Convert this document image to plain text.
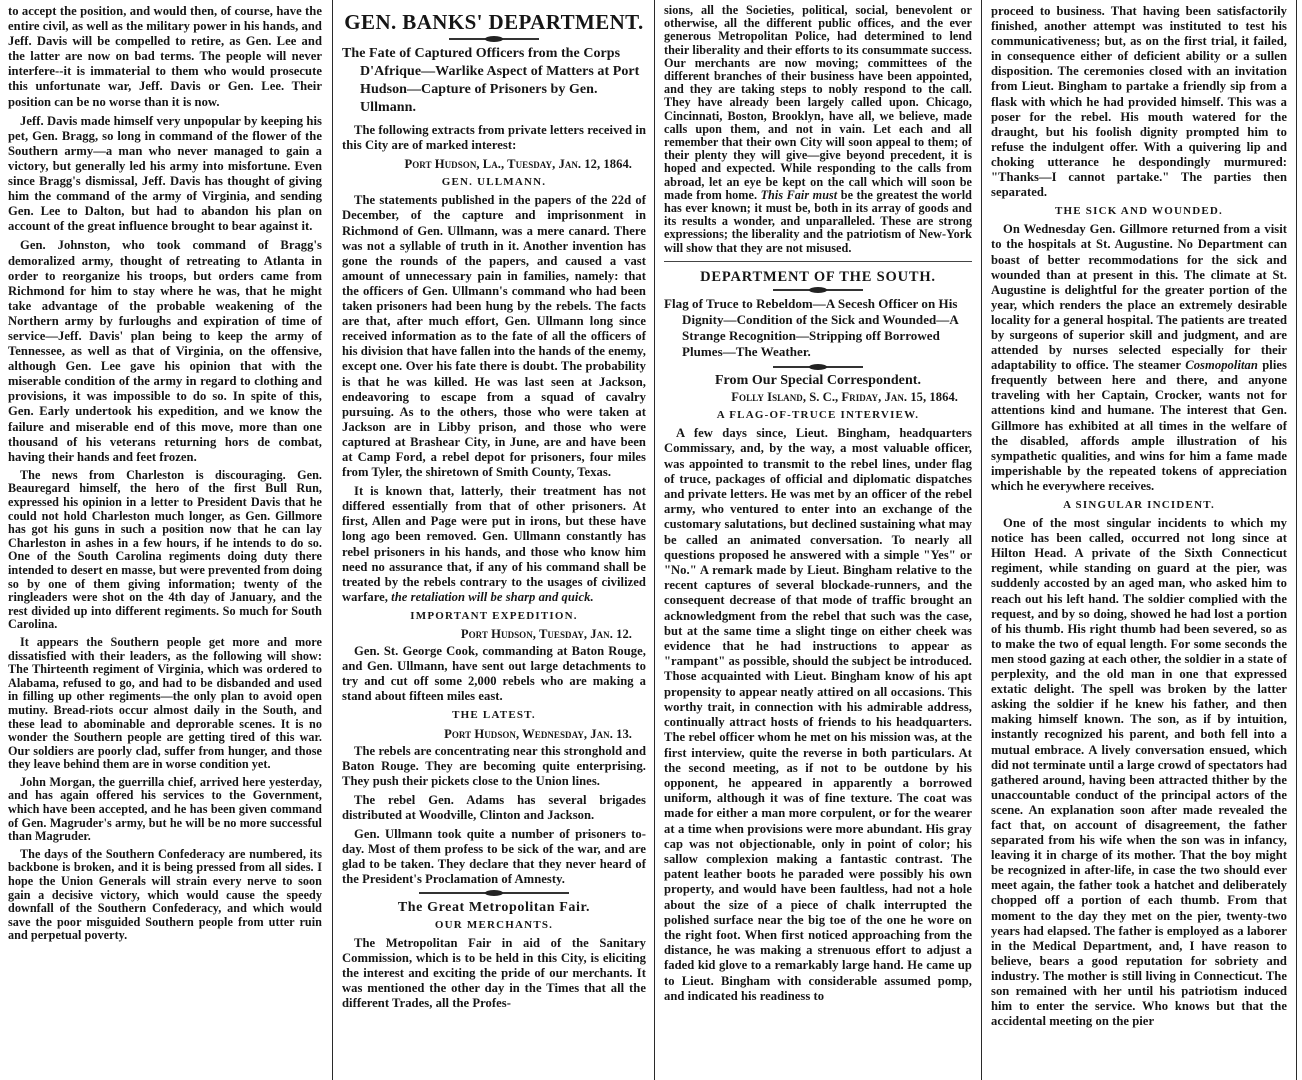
to accept the position, and would then, of course, have the entire civil, as well as the military power in his hands, and Jeff. Davis will be compelled to retire, as Gen. Lee and the latter are now on bad terms. The people will never interfere--it is immaterial to them who would prosecute this unfortunate war, Jeff. Davis or Gen. Lee. Their position can be no worse than it is now.

Jeff. Davis made himself very unpopular by keeping his pet, Gen. Bragg, so long in command of the flower of the Southern army—a man who never managed to gain a victory, but generally led his army into misfortune. Even since Bragg's dismissal, Jeff. Davis has thought of giving him the command of the army of Virginia, and sending Gen. Lee to Dalton, but had to abandon his plan on account of the great influence brought to bear against it.

Gen. Johnston, who took command of Bragg's demoralized army, thought of retreating to Atlanta in order to reorganize his troops, but orders came from Richmond for him to stay where he was, that he might take advantage of the probable weakening of the Northern army by furloughs and expiration of time of service—Jeff. Davis' plan being to keep the army of Tennessee, as well as that of Virginia, on the offensive, although Gen. Lee gave his opinion that with the miserable condition of the army in regard to clothing and provisions, it was impossible to do so. In spite of this, Gen. Early undertook his expedition, and we know the failure and miserable end of this move, more than one thousand of his veterans returning hors de combat, having their hands and feet frozen.

The news from Charleston is discouraging. Gen. Beauregard himself, the hero of the first Bull Run, expressed his opinion in a letter to President Davis that he could not hold Charleston much longer, as Gen. Gillmore has got his guns in such a position now that he can lay Charleston in ashes in a few hours, if he intends to do so. One of the South Carolina regiments doing duty there intended to desert en masse, but were prevented from doing so by one of them giving information; twenty of the ringleaders were shot on the 4th day of January, and the rest divided up into different regiments. So much for South Carolina.

It appears the Southern people get more and more dissatisfied with their leaders, as the following will show: The Thirteenth regiment of Virginia, which was ordered to Alabama, refused to go, and had to be disbanded and used in filling up other regiments—the only plan to avoid open mutiny. Bread-riots occur almost daily in the South, and these lead to abominable and deprorable scenes. It is no wonder the Southern people are getting tired of this war. Our soldiers are poorly clad, suffer from hunger, and those they leave behind them are in worse condition yet.

John Morgan, the guerrilla chief, arrived here yesterday, and has again offered his services to the Government, which have been accepted, and he has been given command of Gen. Magruder's army, but he will be no more successful than Magruder.

The days of the Southern Confederacy are numbered, its backbone is broken, and it is being pressed from all sides. I hope the Union Generals will strain every nerve to soon gain a decisive victory, which would cause the speedy downfall of the Southern Confederacy, and which would save the poor misguided Southern people from utter ruin and perpetual poverty.

GEN. BANKS' DEPARTMENT.
The Fate of Captured Officers from the Corps D'Afrique—Warlike Aspect of Matters at Port Hudson—Capture of Prisoners by Gen. Ullmann.

The following extracts from private letters received in this City are of marked interest:

Port Hudson, La., Tuesday, Jan. 12, 1864.
GEN. ULLMANN.

The statements published in the papers of the 22d of December, of the capture and imprisonment in Richmond of Gen. Ullmann, was a mere canard. There was not a syllable of truth in it. Another invention has gone the rounds of the papers, and caused a vast amount of unnecessary pain in families, namely: that the officers of Gen. Ullmann's command who had been taken prisoners had been hung by the rebels. The facts are that, after much effort, Gen. Ullmann long since received information as to the fate of all the officers of his division that have fallen into the hands of the enemy, except one. Over his fate there is doubt. The probability is that he was killed. He was last seen at Jackson, endeavoring to escape from a squad of cavalry pursuing. As to the others, those who were taken at Jackson are in Libby prison, and those who were captured at Brashear City, in June, are and have been at Camp Ford, a rebel depot for prisoners, four miles from Tyler, the shiretown of Smith County, Texas.

It is known that, latterly, their treatment has not differed essentially from that of other prisoners. At first, Allen and Page were put in irons, but these have long ago been removed. Gen. Ullmann constantly has rebel prisoners in his hands, and those who know him need no assurance that, if any of his command shall be treated by the rebels contrary to the usages of civilized warfare, the retaliation will be sharp and quick.

IMPORTANT EXPEDITION.
Port Hudson, Tuesday, Jan. 12.

Gen. St. George Cook, commanding at Baton Rouge, and Gen. Ullmann, have sent out large detachments to try and cut off some 2,000 rebels who are making a stand about fifteen miles east.

THE LATEST.
Port Hudson, Wednesday, Jan. 13.

The rebels are concentrating near this stronghold and Baton Rouge. They are becoming quite enterprising. They push their pickets close to the Union lines.

The rebel Gen. Adams has several brigades distributed at Woodville, Clinton and Jackson.

Gen. Ullmann took quite a number of prisoners to-day. Most of them profess to be sick of the war, and are glad to be taken. They declare that they never heard of the President's Proclamation of Amnesty.

The Great Metropolitan Fair.
OUR MERCHANTS.

The Metropolitan Fair in aid of the Sanitary Commission, which is to be held in this City, is eliciting the interest and exciting the pride of our merchants. It was mentioned the other day in the Times that all the different Trades, all the Profes-

sions, all the Societies, political, social, benevolent or otherwise, all the different public offices, and the ever generous Metropolitan Police, had determined to lend their liberality and their efforts to its consummate success. Our merchants are now moving; committees of the different branches of their business have been appointed, and they are taking steps to nobly respond to the call. They have already been largely called upon. Chicago, Cincinnati, Boston, Brooklyn, have all, we believe, made calls upon them, and not in vain. Let each and all remember that their own City will soon appeal to them; of their plenty they will give—give beyond precedent, it is hoped and expected. While responding to the calls from abroad, let an eye be kept on the call which will soon be made from home. This Fair must be the greatest the world has ever known; it must be, both in its array of goods and its results a wonder, and unparalleled. These are strong expressions; the liberality and the patriotism of New-York will show that they are not misused.

DEPARTMENT OF THE SOUTH.
Flag of Truce to Rebeldom—A Secesh Officer on His Dignity—Condition of the Sick and Wounded—A Strange Recognition—Stripping off Borrowed Plumes—The Weather.
From Our Special Correspondent.
Folly Island, S. C., Friday, Jan. 15, 1864.
A FLAG-OF-TRUCE INTERVIEW.

A few days since, Lieut. Bingham, headquarters Commissary, and, by the way, a most valuable officer, was appointed to transmit to the rebel lines, under flag of truce, packages of official and diplomatic dispatches and private letters. He was met by an officer of the rebel army, who ventured to enter into an exchange of the customary salutations, but declined sustaining what may be called an animated conversation. To nearly all questions proposed he answered with a simple "Yes" or "No." A remark made by Lieut. Bingham relative to the recent captures of several blockade-runners, and the consequent decrease of that mode of traffic brought an acknowledgment from the rebel that such was the case, but at the same time a slight tinge on either cheek was evidence that he had instructions to appear as "rampant" as possible, should the subject be introduced. Those acquainted with Lieut. Bingham know of his apt propensity to appear neatly attired on all occasions. This worthy trait, in connection with his admirable address, continually attract hosts of friends to his headquarters. The rebel officer whom he met on his mission was, at the first interview, quite the reverse in both particulars. At the second meeting, as if not to be outdone by his opponent, he appeared in apparently a borrowed uniform, although it was of fine texture. The coat was made for either a man more corpulent, or for the wearer at a time when provisions were more abundant. His gray cap was not objectionable, only in point of color; his sallow complexion making a fantastic contrast. The patent leather boots he paraded were possibly his own property, and would have been faultless, had not a hole about the size of a piece of chalk interrupted the polished surface near the big toe of the one he wore on the right foot. When first noticed approaching from the distance, he was making a strenuous effort to adjust a faded kid glove to a remarkably large hand. He came up to Lieut. Bingham with considerable assumed pomp, and indicated his readiness to

proceed to business. That having been satisfactorily finished, another attempt was instituted to test his communicativeness; but, as on the first trial, it failed, in consequence either of deficient ability or a sullen disposition. The ceremonies closed with an invitation from Lieut. Bingham to partake a friendly sip from a flask with which he had provided himself. This was a poser for the rebel. His mouth watered for the draught, but his foolish dignity prompted him to refuse the indulgent offer. With a quivering lip and choking utterance he despondingly murmured: "Thanks—I cannot partake." The parties then separated.

THE SICK AND WOUNDED.

On Wednesday Gen. Gillmore returned from a visit to the hospitals at St. Augustine. No Department can boast of better recommodations for the sick and wounded than at present in this. The climate at St. Augustine is delightful for the greater portion of the year, which renders the place an extremely desirable locality for a general hospital. The patients are treated by surgeons of superior skill and judgment, and are attended by nurses selected especially for their adaptability to office. The steamer Cosmopolitan plies frequently between here and there, and anyone traveling with her Captain, Crocker, wants not for attentions kind and humane. The interest that Gen. Gillmore has exhibited at all times in the welfare of the disabled, affords ample illustration of his sympathetic qualities, and wins for him a fame made imperishable by the repeated tokens of appreciation which he everywhere receives.

A SINGULAR INCIDENT.

One of the most singular incidents to which my notice has been called, occurred not long since at Hilton Head. A private of the Sixth Connecticut regiment, while standing on guard at the pier, was suddenly accosted by an aged man, who asked him to reach out his left hand. The soldier complied with the request, and by so doing, showed he had lost a portion of his thumb. His right thumb had been severed, so as to make the two of equal length. For some seconds the men stood gazing at each other, the soldier in a state of perplexity, and the old man in one that expressed extatic delight. The spell was broken by the latter asking the soldier if he knew his father, and then making himself known. The son, as if by intuition, instantly recognized his parent, and both fell into a mutual embrace. A lively conversation ensued, which did not terminate until a large crowd of spectators had gathered around, having been attracted thither by the unaccountable conduct of the principal actors of the scene. An explanation soon after made revealed the fact that, on account of disagreement, the father separated from his wife when the son was in infancy, leaving it in charge of its mother. That the boy might be recognized in after-life, in case the two should ever meet again, the father took a hatchet and deliberately chopped off a portion of each thumb. From that moment to the day they met on the pier, twenty-two years had elapsed. The father is employed as a laborer in the Medical Department, and, I have reason to believe, bears a good reputation for sobriety and industry. The mother is still living in Connecticut. The son remained with her until his patriotism induced him to enter the service. Who knows but that the accidental meeting on the pier
